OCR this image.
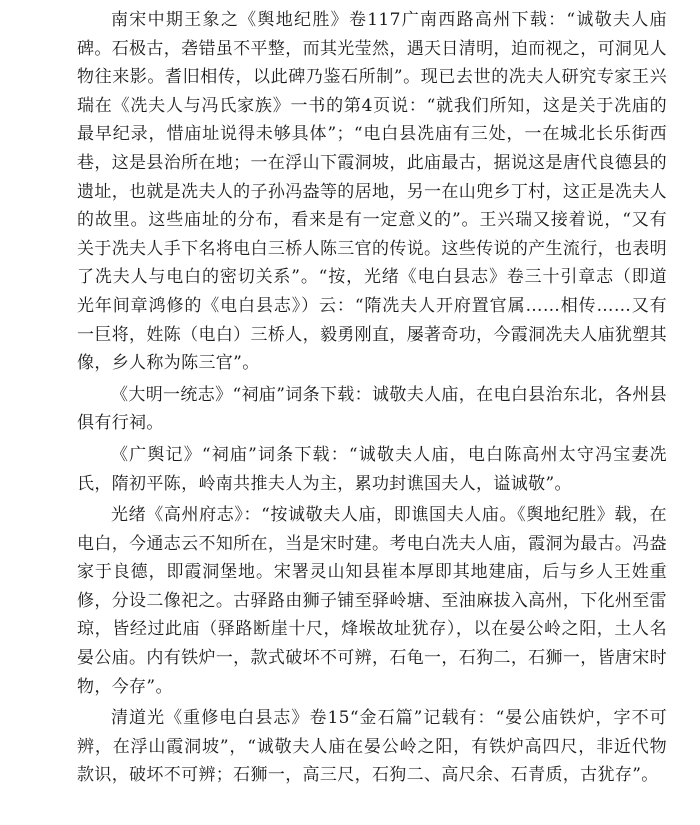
南宋中期王象之《舆地纪胜》卷117广南西路高州下载：“诚敬夫人庙碑。石极古，砻错虽不平整，而其光莹然，遇天日清明，迫而视之，可洞见人物往来影。耆旧相传，以此碑乃鉴石所制”。现已去世的冼夫人研究专家王兴瑞在《冼夫人与冯氏家族》一书的第4页说：“就我们所知，这是关于冼庙的最早纪录，惜庙址说得未够具体”；“电白县冼庙有三处，一在城北长乐街西巷，这是县治所在地；一在浮山下霞洞坡，此庙最古，据说这是唐代良德县的遗址，也就是冼夫人的子孙冯盎等的居地，另一在山兜乡丁村，这正是冼夫人的故里。这些庙址的分布，看来是有一定意义的”。王兴瑞又接着说，“又有关于冼夫人手下名将电白三桥人陈三官的传说。这些传说的产生流行，也表明了冼夫人与电白的密切关系”。“按，光绪《电白县志》卷三十引章志（即道光年间章鸿修的《电白县志》）云：“隋冼夫人开府置官属……相传……又有一巨将，姓陈（电白）三桥人，毅勇刚直，屡著奇功，今霞洞冼夫人庙犹塑其像，乡人称为陈三官”。

《大明一统志》“祠庙”词条下载：诚敬夫人庙，在电白县治东北，各州县俱有行祠。

《广舆记》“祠庙”词条下载：“诚敬夫人庙，电白陈高州太守冯宝妻冼氏，隋初平陈，岭南共推夫人为主，累功封谯国夫人，谥诚敬”。

光绪《高州府志》：“按诚敬夫人庙，即谯国夫人庙。《舆地纪胜》载，在电白，今通志云不知所在，当是宋时建。考电白冼夫人庙，霞洞为最古。冯盎家于良德，即霞洞堡地。宋署灵山知县崔本厚即其地建庙，后与乡人王姓重修，分设二像祀之。古驿路由狮子铺至驿岭塘、至油麻拔入高州，下化州至雷琼，皆经过此庙（驿路断崖十尺，烽堠故址犹存），以在晏公岭之阳，土人名晏公庙。内有铁炉一，款式破坏不可辨，石龟一，石狗二，石狮一，皆唐宋时物，今存”。

清道光《重修电白县志》卷15“金石篇”记载有：“晏公庙铁炉，字不可辨，在浮山霞洞坡”，“诚敬夫人庙在晏公岭之阳，有铁炉高四尺，非近代物款识，破坏不可辨；石狮一，高三尺，石狗二、高尺余、石青质，古犹存”。
